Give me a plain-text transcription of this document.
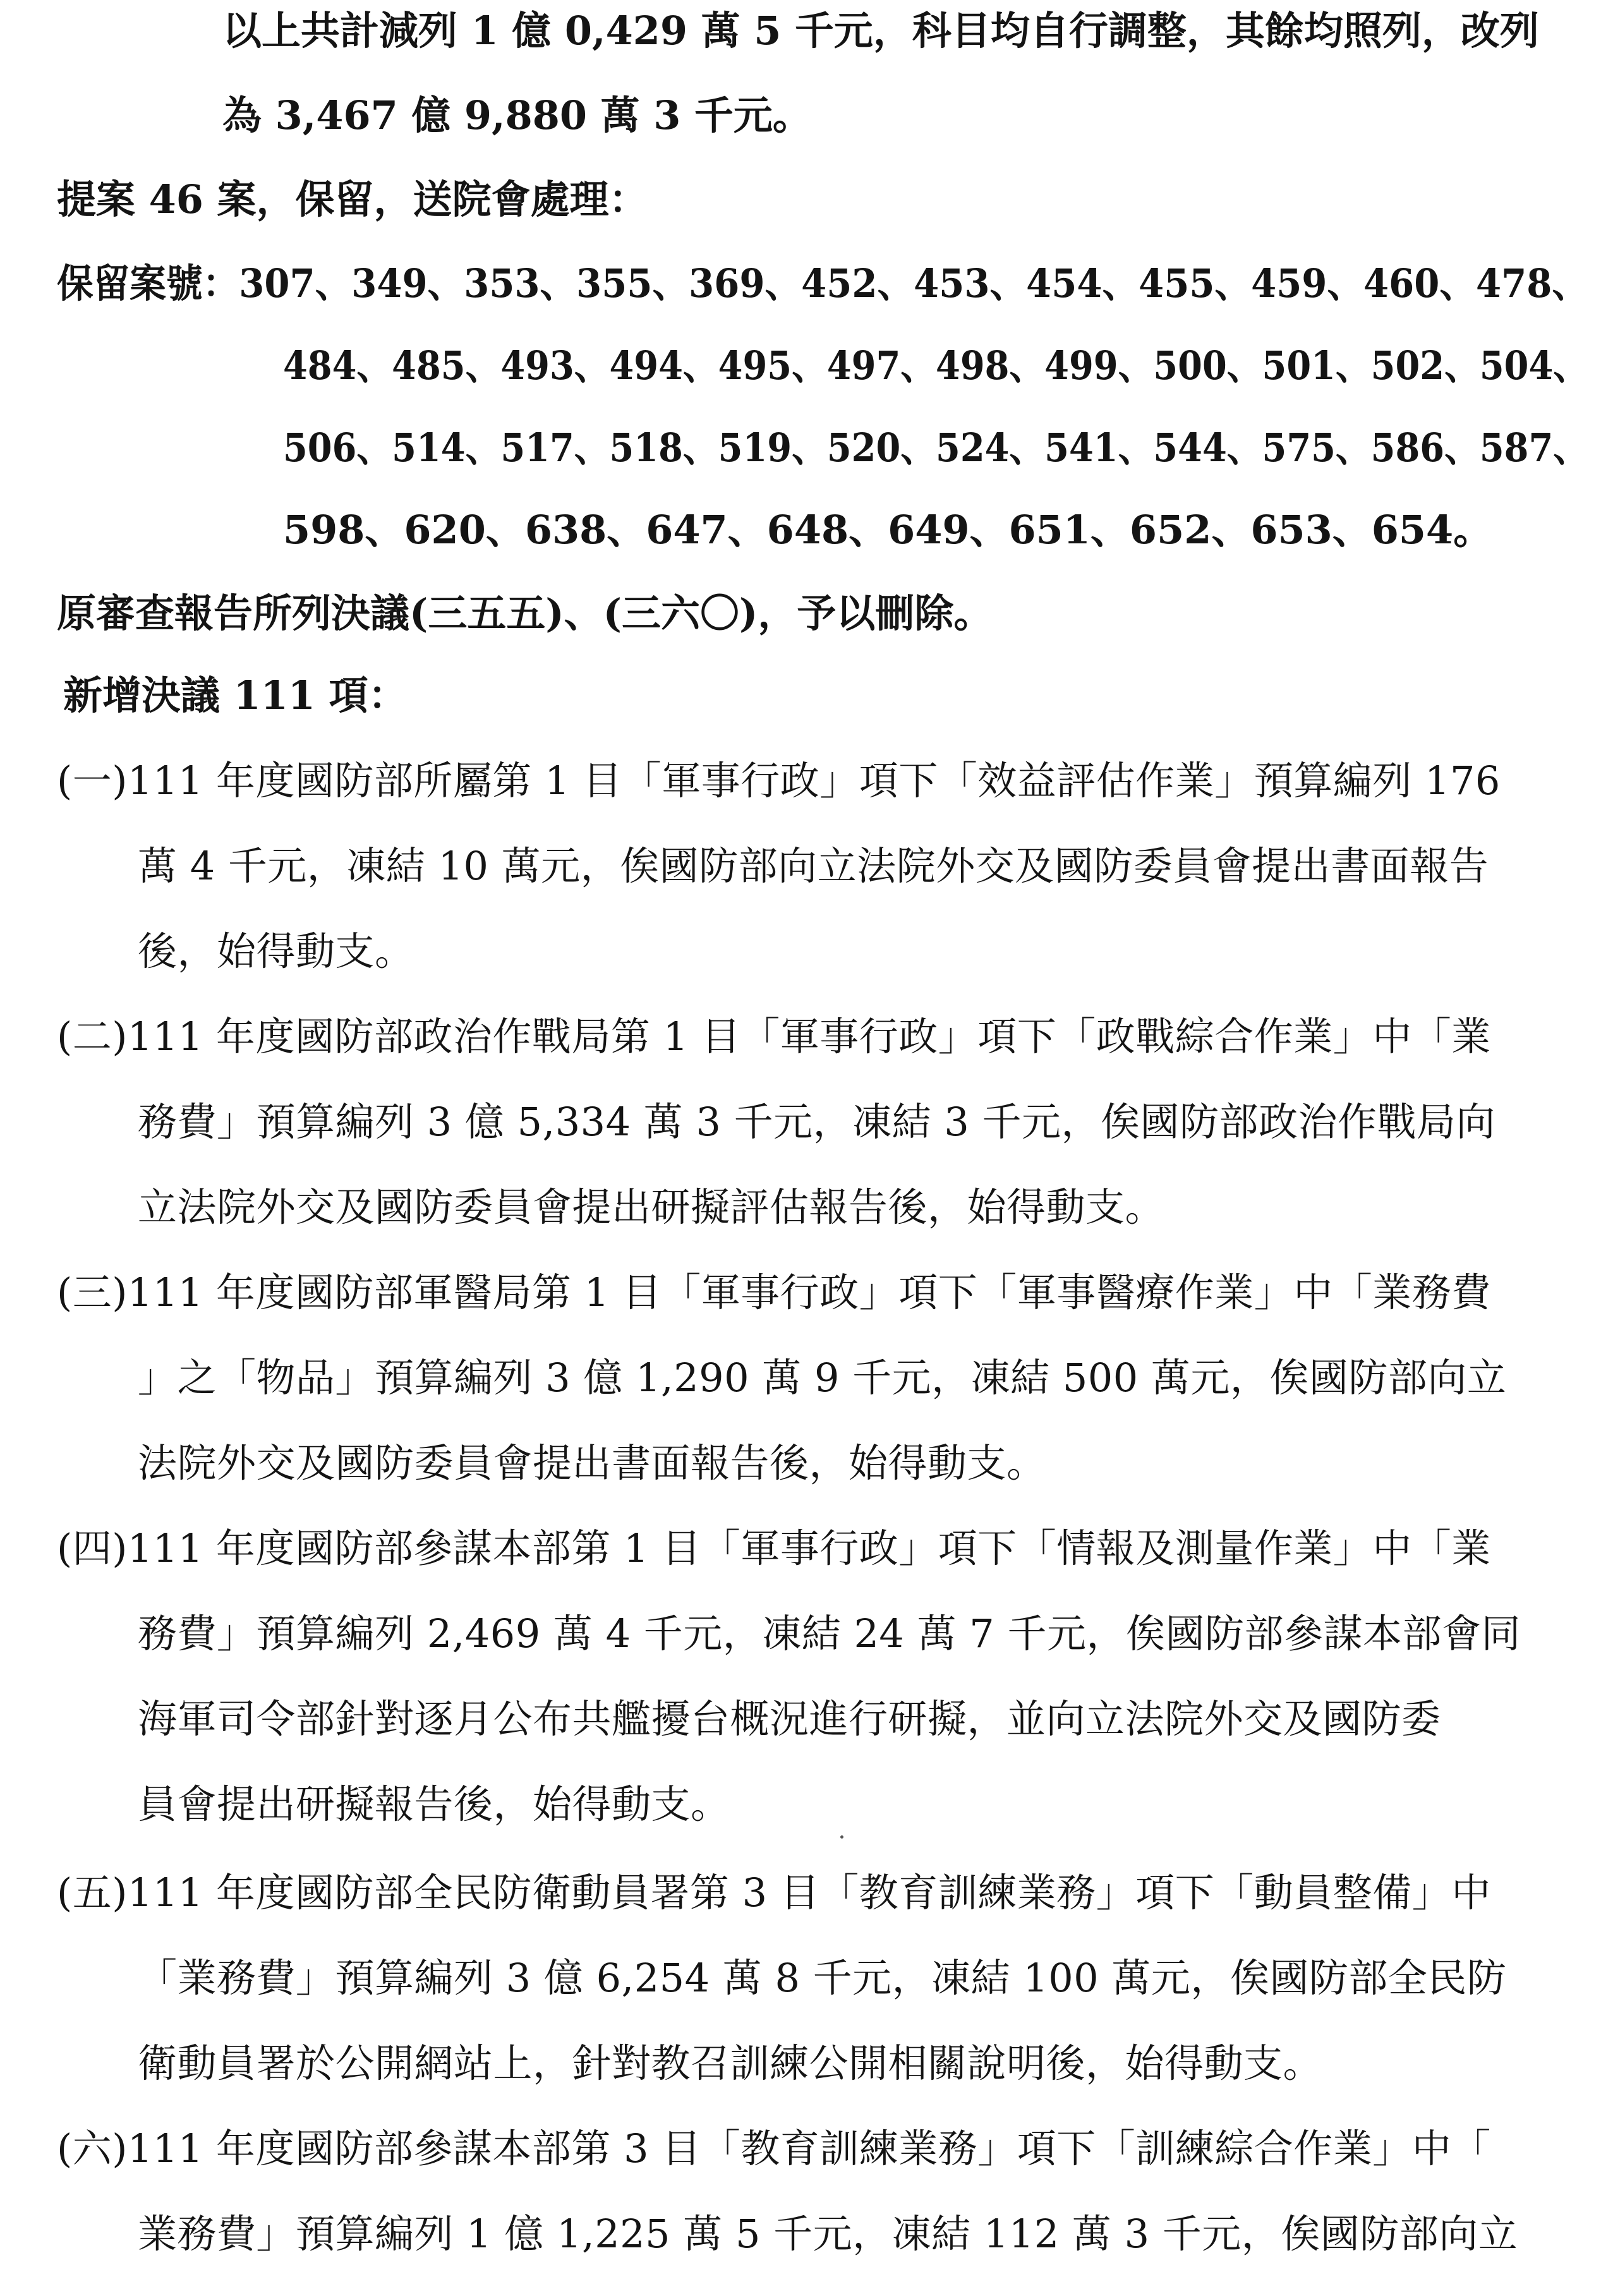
以上共計減列 1 億 0,429 萬 5 千元，科目均自行調整，其餘均照列，改列
為 3,467 億 9,880 萬 3 千元。
提案 46 案，保留，送院會處理：
保留案號：307、349、353、355、369、452、453、454、455、459、460、478、
484、485、493、494、495、497、498、499、500、501、502、504、
506、514、517、518、519、520、524、541、544、575、586、587、
598、620、638、647、648、649、651、652、653、654。
原審查報告所列決議(三五五)、(三六〇)，予以刪除。
新增決議 111 項：
(一)111 年度國防部所屬第 1 目「軍事行政」項下「效益評估作業」預算編列 176
萬 4 千元，凍結 10 萬元，俟國防部向立法院外交及國防委員會提出書面報告
後，始得動支。
(二)111 年度國防部政治作戰局第 1 目「軍事行政」項下「政戰綜合作業」中「業
務費」預算編列 3 億 5,334 萬 3 千元，凍結 3 千元，俟國防部政治作戰局向
立法院外交及國防委員會提出研擬評估報告後，始得動支。
(三)111 年度國防部軍醫局第 1 目「軍事行政」項下「軍事醫療作業」中「業務費
」之「物品」預算編列 3 億 1,290 萬 9 千元，凍結 500 萬元，俟國防部向立
法院外交及國防委員會提出書面報告後，始得動支。
(四)111 年度國防部參謀本部第 1 目「軍事行政」項下「情報及測量作業」中「業
務費」預算編列 2,469 萬 4 千元，凍結 24 萬 7 千元，俟國防部參謀本部會同
海軍司令部針對逐月公布共艦擾台概況進行研擬，並向立法院外交及國防委
員會提出研擬報告後，始得動支。
(五)111 年度國防部全民防衛動員署第 3 目「教育訓練業務」項下「動員整備」中
「業務費」預算編列 3 億 6,254 萬 8 千元，凍結 100 萬元，俟國防部全民防
衛動員署於公開網站上，針對教召訓練公開相關說明後，始得動支。
(六)111 年度國防部參謀本部第 3 目「教育訓練業務」項下「訓練綜合作業」中「
業務費」預算編列 1 億 1,225 萬 5 千元，凍結 112 萬 3 千元，俟國防部向立
